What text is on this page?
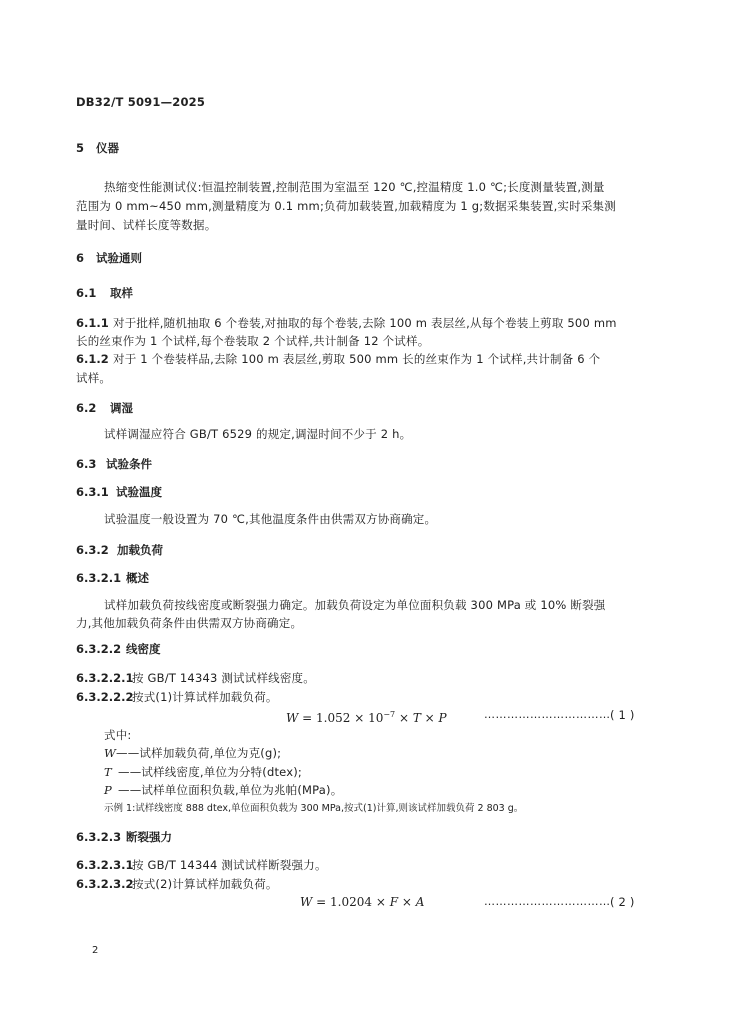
DB32/T 5091—2025
5 仪器
热缩变性能测试仪:恒温控制装置,控制范围为室温至 120 ℃,控温精度 1.0 ℃;长度测量装置,测量
范围为 0 mm~450 mm,测量精度为 0.1 mm;负荷加载装置,加载精度为 1 g;数据采集装置,实时采集测
量时间、试样长度等数据。
6 试验通则
6.1 取样
6.1.1 对于批样,随机抽取 6 个卷装,对抽取的每个卷装,去除 100 m 表层丝,从每个卷装上剪取 500 mm
长的丝束作为 1 个试样,每个卷装取 2 个试样,共计制备 12 个试样。
6.1.2 对于 1 个卷装样品,去除 100 m 表层丝,剪取 500 mm 长的丝束作为 1 个试样,共计制备 6 个
试样。
6.2 调湿
试样调湿应符合 GB/T 6529 的规定,调湿时间不少于 2 h。
6.3 试验条件
6.3.1 试验温度
试验温度一般设置为 70 ℃,其他温度条件由供需双方协商确定。
6.3.2 加载负荷
6.3.2.1 概述
试样加载负荷按线密度或断裂强力确定。加载负荷设定为单位面积负载 300 MPa 或 10% 断裂强
力,其他加载负荷条件由供需双方协商确定。
6.3.2.2 线密度
6.3.2.2.1
按 GB/T 14343 测试试样线密度。
6.3.2.2.2
按式(1)计算试样加载负荷。
$W = 1.052 \times 10^{-7} \times T \times P$	…………………………… ( 1 )
式中:
W——试样加载负荷,单位为克(g);
T ——试样线密度,单位为分特(dtex);
P ——试样单位面积负载,单位为兆帕(MPa)。
示例 1:试样线密度 888 dtex,单位面积负载为 300 MPa,按式(1)计算,则该试样加载负荷 2 803 g。
6.3.2.3 断裂强力
6.3.2.3.1
按 GB/T 14344 测试试样断裂强力。
6.3.2.3.2
按式(2)计算试样加载负荷。
W = 1.0204 × F × A	…………………………… ( 2 )
2
